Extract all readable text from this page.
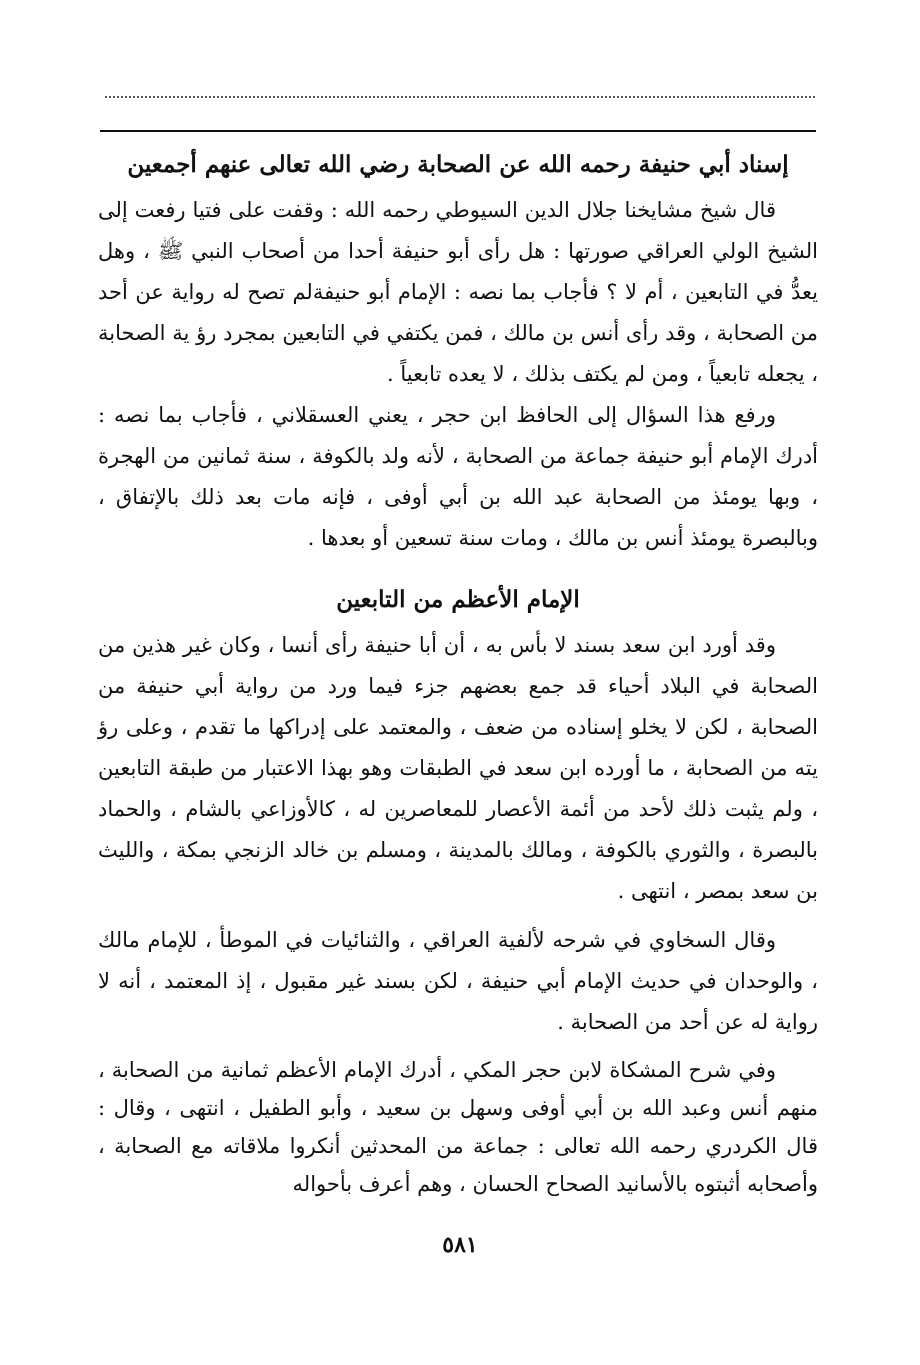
إسناد أبي حنيفة رحمه الله عن الصحابة رضي الله تعالى عنهم أجمعين

قال شيخ مشايخنا جلال الدين السيوطي رحمه الله : وقفت على فتيا رفعت إلى الشيخ الولي العراقي صورتها : هل رأى أبو حنيفة أحدا من أصحاب النبي ﷺ ، وهل يعدُّ في التابعين ، أم لا ؟ فأجاب بما نصه : الإمام أبو حنيفةلم تصح له رواية عن أحد من الصحابة ، وقد رأى أنس بن مالك ، فمن يكتفي في التابعين بمجرد رؤ ية الصحابة ، يجعله تابعياً ، ومن لم يكتف بذلك ، لا يعده تابعياً .

ورفع هذا السؤال إلى الحافظ ابن حجر ، يعني العسقلاني ، فأجاب بما نصه : أدرك الإمام أبو حنيفة جماعة من الصحابة ، لأنه ولد بالكوفة ، سنة ثمانين من الهجرة ، وبها يومئذ من الصحابة عبد الله بن أبي أوفى ، فإنه مات بعد ذلك بالإتفاق ، وبالبصرة يومئذ أنس بن مالك ، ومات سنة تسعين أو بعدها .

الإمام الأعظم من التابعين

وقد أورد ابن سعد بسند لا بأس به ، أن أبا حنيفة رأى أنسا ، وكان غير هذين من الصحابة في البلاد أحياء قد جمع بعضهم جزء فيما ورد من رواية أبي حنيفة من الصحابة ، لكن لا يخلو إسناده من ضعف ، والمعتمد على إدراكها ما تقدم ، وعلى رؤ يته من الصحابة ، ما أورده ابن سعد في الطبقات وهو بهذا الاعتبار من طبقة التابعين ، ولم يثبت ذلك لأحد من أئمة الأعصار للمعاصرين له ، كالأوزاعي بالشام ، والحماد بالبصرة ، والثوري بالكوفة ، ومالك بالمدينة ، ومسلم بن خالد الزنجي بمكة ، والليث بن سعد بمصر ، انتهى .

وقال السخاوي في شرحه لألفية العراقي ، والثنائيات في الموطأ ، للإمام مالك ، والوحدان في حديث الإمام أبي حنيفة ، لكن بسند غير مقبول ، إذ المعتمد ، أنه لا رواية له عن أحد من الصحابة .

وفي شرح المشكاة لابن حجر المكي ، أدرك الإمام الأعظم ثمانية من الصحابة ، منهم أنس وعبد الله بن أبي أوفى وسهل بن سعيد ، وأبو الطفيل ، انتهى ، وقال : قال الكردري رحمه الله تعالى : جماعة من المحدثين أنكروا ملاقاته مع الصحابة ، وأصحابه أثبتوه بالأسانيد الصحاح الحسان ، وهم أعرف بأحواله

٥٨١
